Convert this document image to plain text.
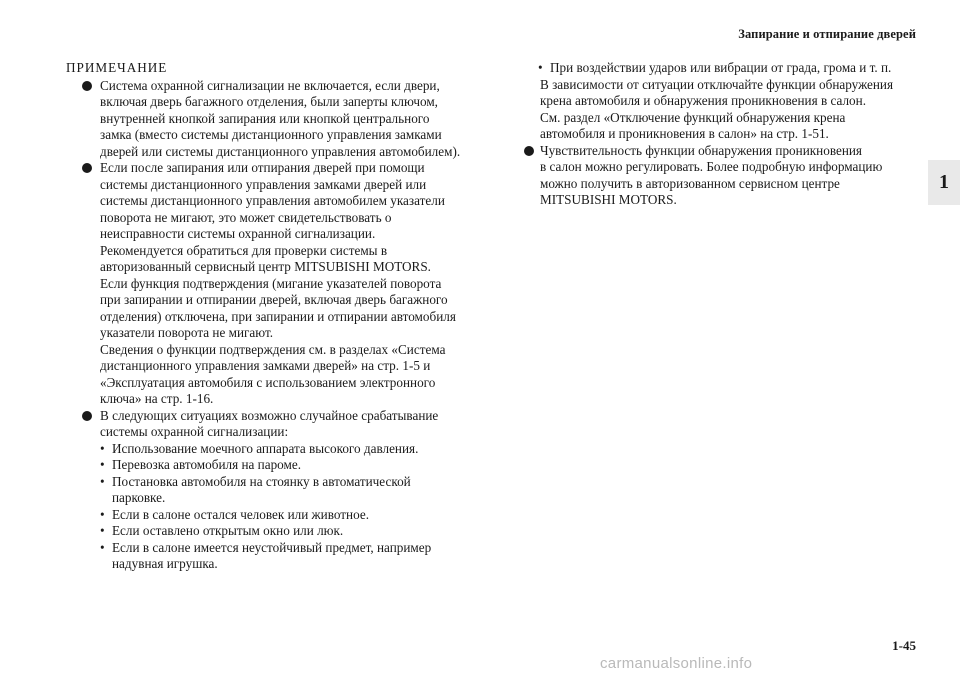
Запирание и отпирание дверей
1
1-45
ПРИМЕЧАНИЕ
Система охранной сигнализации не включается, если двери,
включая дверь багажного отделения, были заперты ключом,
внутренней кнопкой запирания или кнопкой центрального
замка (вместо системы дистанционного управления замками
дверей или системы дистанционного управления автомобилем).
Если после запирания или отпирания дверей при помощи
системы дистанционного управления замками дверей или
системы дистанционного управления автомобилем указатели
поворота не мигают, это может свидетельствовать о
неисправности системы охранной сигнализации.
Рекомендуется обратиться для проверки системы в
авторизованный сервисный центр MITSUBISHI MOTORS.
Если функция подтверждения (мигание указателей поворота
при запирании и отпирании дверей, включая дверь багажного
отделения) отключена, при запирании и отпирании автомобиля
указатели поворота не мигают.
Сведения о функции подтверждения см. в разделах «Система
дистанционного управления замками дверей» на стр. 1-5 и
«Эксплуатация автомобиля с использованием электронного
ключа» на стр. 1-16.
В следующих ситуациях возможно случайное срабатывание
системы охранной сигнализации:
• Использование моечного аппарата высокого давления.
• Перевозка автомобиля на пароме.
• Постановка автомобиля на стоянку в автоматической
парковке.
• Если в салоне остался человек или животное.
• Если оставлено открытым окно или люк.
• Если в салоне имеется неустойчивый предмет, например
надувная игрушка.
• При воздействии ударов или вибрации от града, грома и т. п.
В зависимости от ситуации отключайте функции обнаружения
крена автомобиля и обнаружения проникновения в салон.
См. раздел «Отключение функций обнаружения крена
автомобиля и проникновения в салон» на стр. 1-51.
Чувствительность функции обнаружения проникновения
в салон можно регулировать. Более подробную информацию
можно получить в авторизованном сервисном центре
MITSUBISHI MOTORS.
carmanualsonline.info
